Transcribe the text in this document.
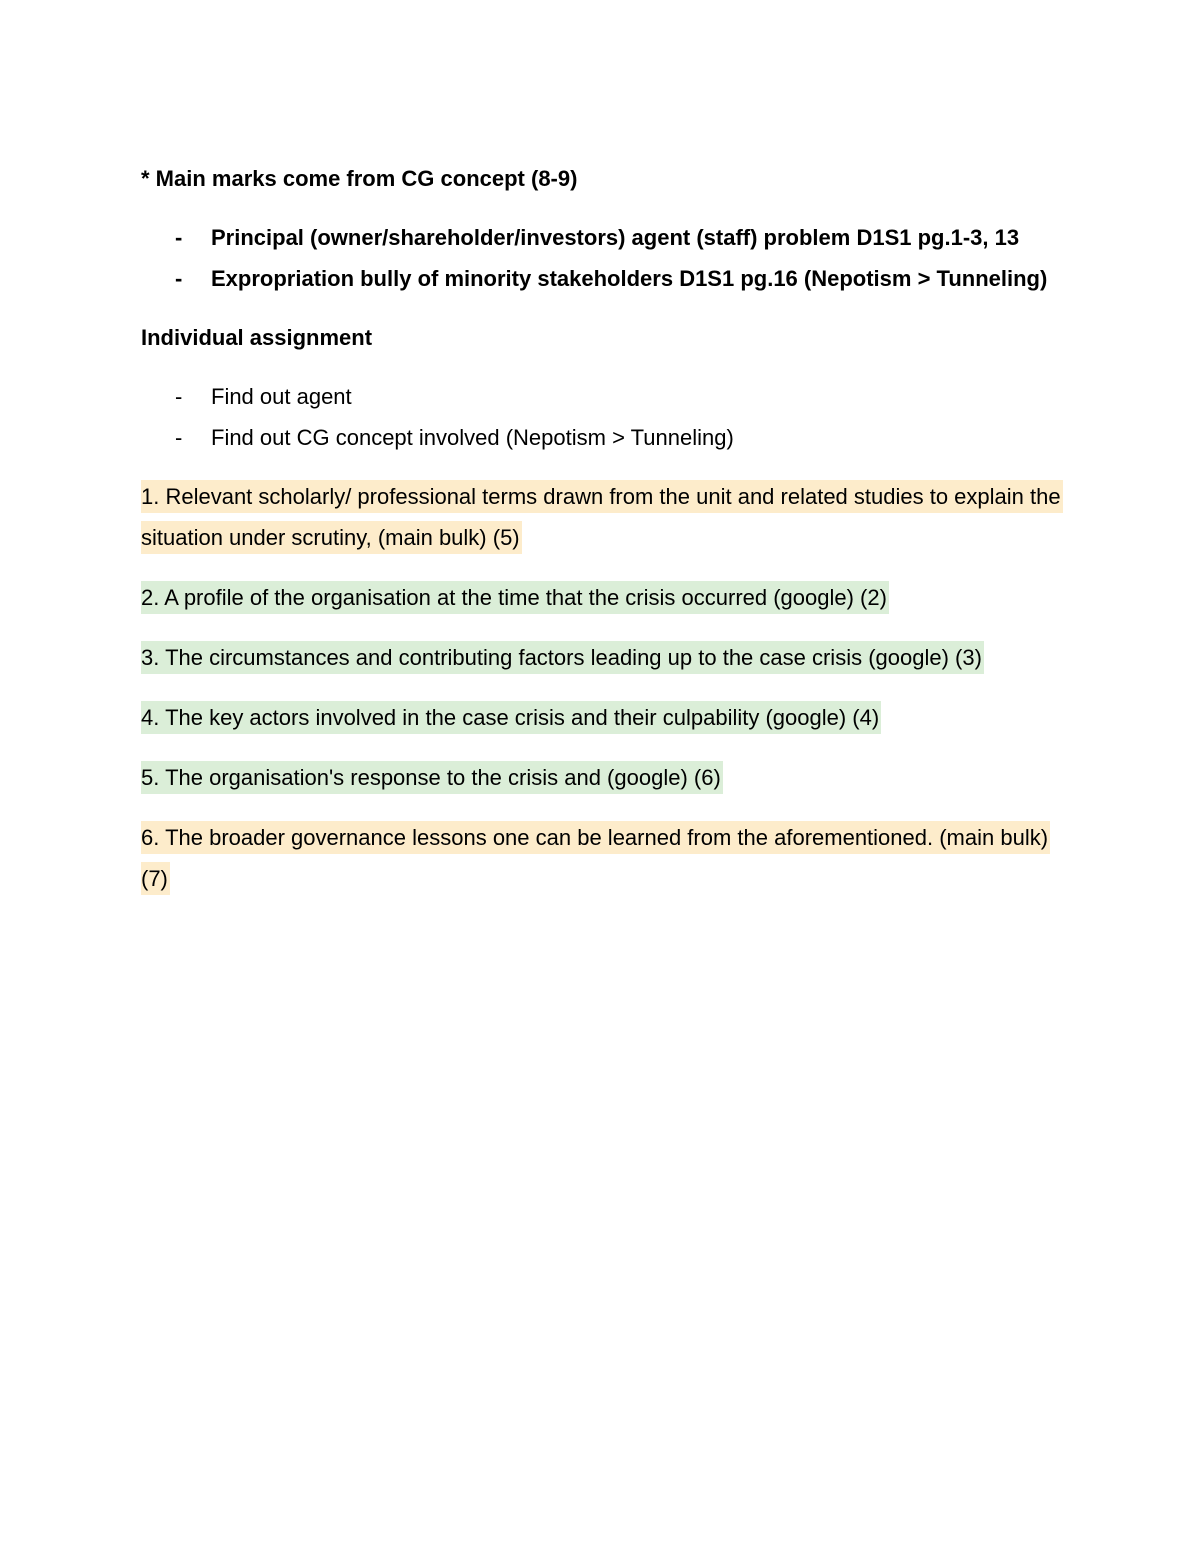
* Main marks come from CG concept (8-9)

- Principal (owner/shareholder/investors) agent (staff) problem D1S1 pg.1-3, 13
- Expropriation bully of minority stakeholders D1S1 pg.16 (Nepotism > Tunneling)

Individual assignment

- Find out agent
- Find out CG concept involved (Nepotism > Tunneling)

1. Relevant scholarly/ professional terms drawn from the unit and related studies to explain the situation under scrutiny, (main bulk) (5)

2. A profile of the organisation at the time that the crisis occurred (google) (2)

3. The circumstances and contributing factors leading up to the case crisis (google) (3)

4. The key actors involved in the case crisis and their culpability (google) (4)

5. The organisation's response to the crisis and (google) (6)

6. The broader governance lessons one can be learned from the aforementioned. (main bulk) (7)
